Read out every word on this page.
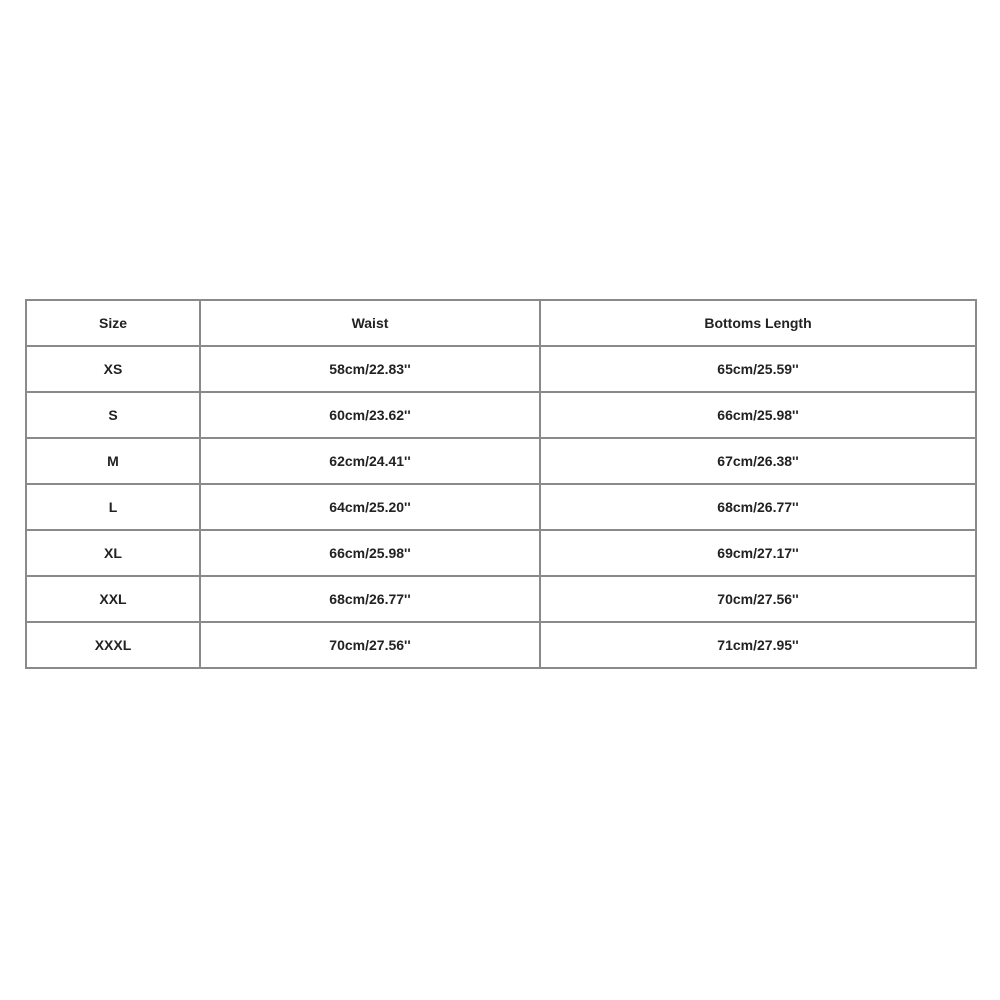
Size	Waist	Bottoms Length
XS	58cm/22.83''	65cm/25.59''
S	60cm/23.62''	66cm/25.98''
M	62cm/24.41''	67cm/26.38''
L	64cm/25.20''	68cm/26.77''
XL	66cm/25.98''	69cm/27.17''
XXL	68cm/26.77''	70cm/27.56''
XXXL	70cm/27.56''	71cm/27.95''
